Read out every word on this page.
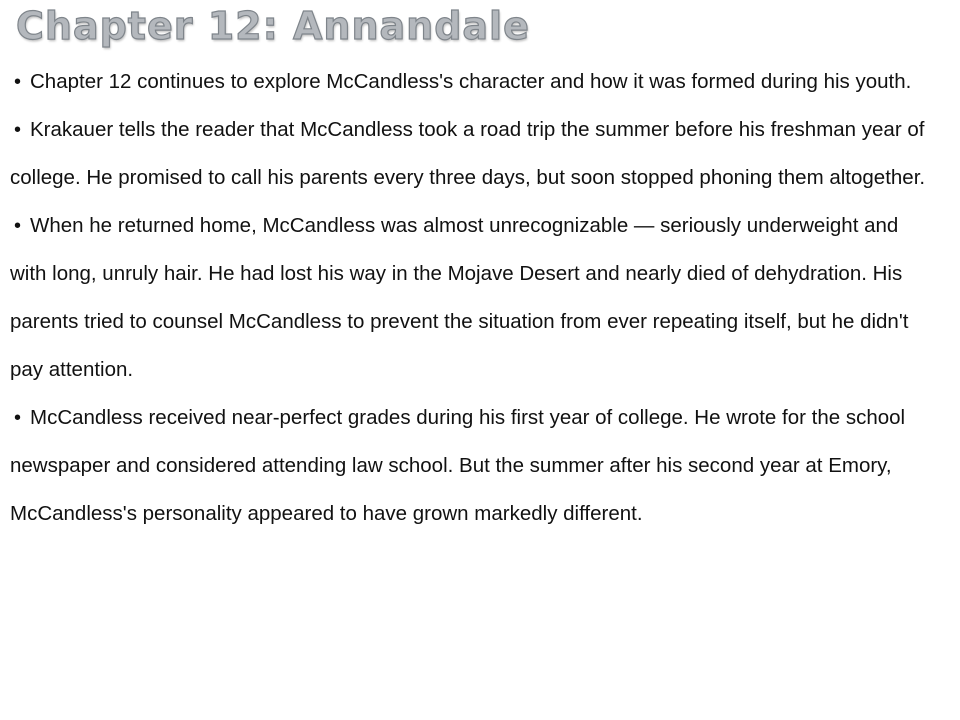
Chapter 12: Annandale

• Chapter 12 continues to explore McCandless's character and how it was formed during his youth.

• Krakauer tells the reader that McCandless took a road trip the summer before his freshman year of college. He promised to call his parents every three days, but soon stopped phoning them altogether.

• When he returned home, McCandless was almost unrecognizable — seriously underweight and with long, unruly hair. He had lost his way in the Mojave Desert and nearly died of dehydration. His parents tried to counsel McCandless to prevent the situation from ever repeating itself, but he didn't pay attention.

• McCandless received near-perfect grades during his first year of college. He wrote for the school newspaper and considered attending law school. But the summer after his second year at Emory, McCandless's personality appeared to have grown markedly different.
